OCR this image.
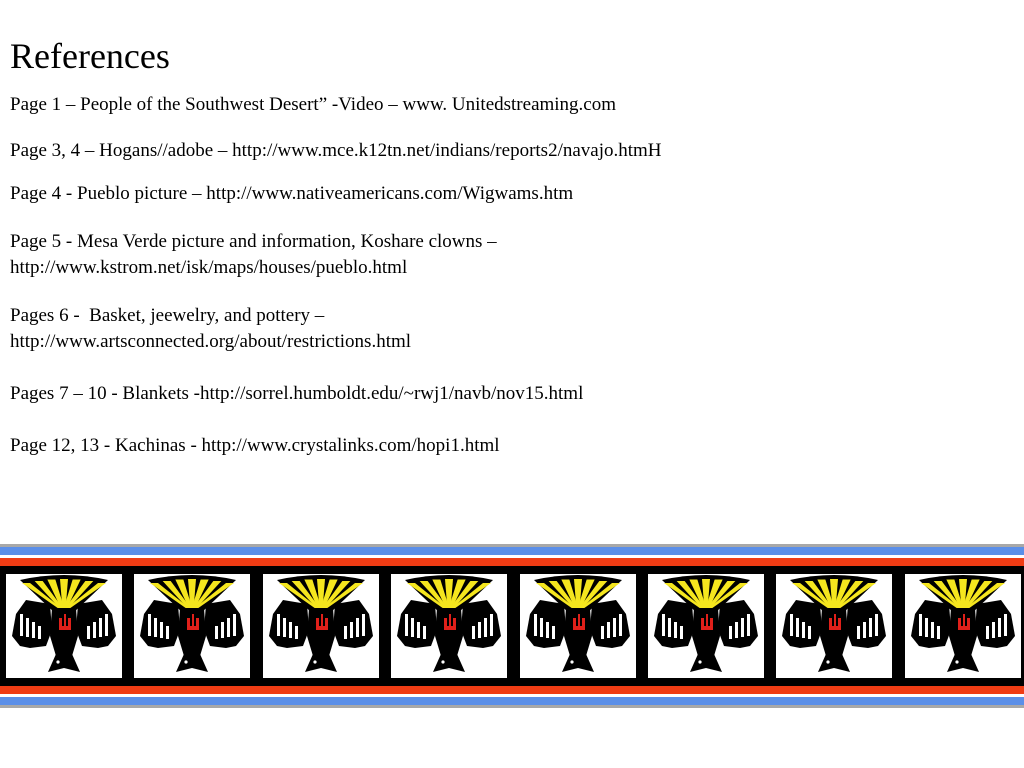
References
Page 1 – People of the Southwest Desert” -Video – www. Unitedstreaming.com
Page 3, 4 – Hogans//adobe – http://www.mce.k12tn.net/indians/reports2/navajo.htmH
Page 4 - Pueblo picture – http://www.nativeamericans.com/Wigwams.htm
Page 5 - Mesa Verde picture and information, Koshare clowns –
http://www.kstrom.net/isk/maps/houses/pueblo.html
Pages 6 -  Basket, jeewelry, and pottery –
http://www.artsconnected.org/about/restrictions.html
Pages 7 – 10 - Blankets -http://sorrel.humboldt.edu/~rwj1/navb/nov15.html
Page 12, 13 - Kachinas - http://www.crystalinks.com/hopi1.html
